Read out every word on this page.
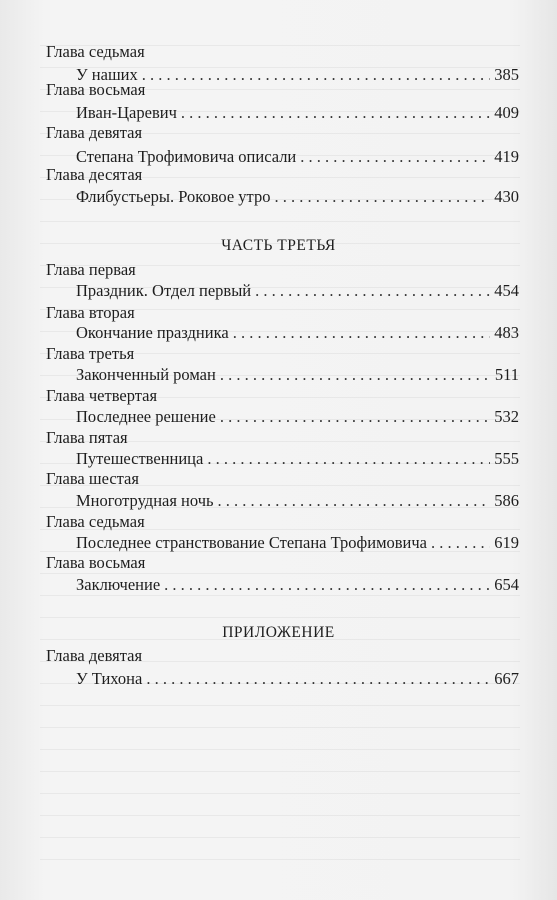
Глава седьмая
У наших . . .	385
Глава восьмая
Иван-Царевич . . .	409
Глава девятая
Степана Трофимовича описали . . .	419
Глава десятая
Флибустьеры. Роковое утро . . .	430
ЧАСТЬ ТРЕТЬЯ
Глава первая
Праздник. Отдел первый . . .	454
Глава вторая
Окончание праздника . . .	483
Глава третья
Законченный роман . . .	511
Глава четвертая
Последнее решение . . .	532
Глава пятая
Путешественница . . .	555
Глава шестая
Многотрудная ночь . . .	586
Глава седьмая
Последнее странствование Степана Трофимовича . . .	619
Глава восьмая
Заключение . . .	654
ПРИЛОЖЕНИЕ
Глава девятая
У Тихона . . .	667
